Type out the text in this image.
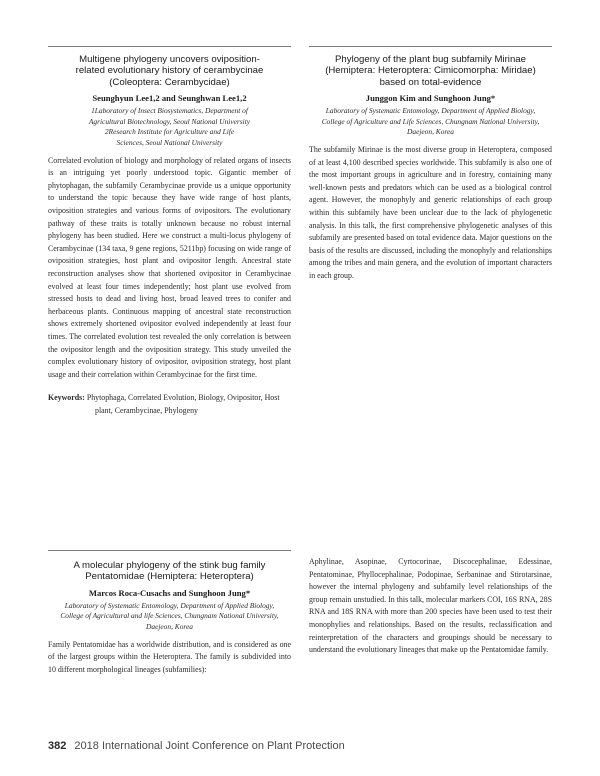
Multigene phylogeny uncovers oviposition-related evolutionary history of cerambycinae (Coleoptera: Cerambycidae)
Seunghyun Lee1,2 and Seunghwan Lee1,2
1Laboratory of Insect Biosystematics, Department of Agricultural Biotechnology, Seoul National University
2Research Institute for Agriculture and Life Sciences, Seoul National University
Correlated evolution of biology and morphology of related organs of insects is an intriguing yet poorly understood topic. Gigantic member of phytophagan, the subfamily Cerambycinae provide us a unique opportunity to understand the topic because they have wide range of host plants, oviposition strategies and various forms of ovipositors. The evolutionary pathway of these traits is totally unknown because no robust internal phylogeny has been studied. Here we construct a multi-locus phylogeny of Cerambycinae (134 taxa, 9 gene regions, 5211bp) focusing on wide range of oviposition strategies, host plant and ovipositor length. Ancestral state reconstruction analyses show that shortened ovipositor in Cerambycinae evolved at least four times independently; host plant use evolved from stressed hosts to dead and living host, broad leaved trees to conifer and herbaceous plants. Continuous mapping of ancestral state reconstruction shows extremely shortened ovipositor evolved independently at least four times. The correlated evolution test revealed the only correlation is between the ovipositor length and the oviposition strategy. This study unveiled the complex evolutionary history of ovipositor, oviposition strategy, host plant usage and their correlation within Cerambycinae for the first time.
Keywords: Phytophaga, Correlated Evolution, Biology, Ovipositor, Host plant, Cerambycinae, Phylogeny
Phylogeny of the plant bug subfamily Mirinae (Hemiptera: Heteroptera: Cimicomorpha: Miridae) based on total-evidence
Junggon Kim and Sunghoon Jung*
Laboratory of Systematic Entomology, Department of Applied Biology, College of Agriculture and Life Sciences, Chungnam National University, Daejeon, Korea
The subfamily Mirinae is the most diverse group in Heteroptera, composed of at least 4,100 described species worldwide. This subfamily is also one of the most important groups in agriculture and in forestry, containing many well-known pests and predators which can be used as a biological control agent. However, the monophyly and generic relationships of each group within this subfamily have been unclear due to the lack of phylogenetic analysis. In this talk, the first comprehensive phylogenetic analyses of this subfamily are presented based on total evidence data. Major questions on the basis of the results are discussed, including the monophyly and relationships among the tribes and main genera, and the evolution of important characters in each group.
A molecular phylogeny of the stink bug family Pentatomidae (Hemiptera: Heteroptera)
Marcos Roca-Cusachs and Sunghoon Jung*
Laboratory of Systematic Entomology, Department of Applied Biology, College of Agricultural and life Sciences, Chungnam National University, Daejeon, Korea
Family Pentatomidae has a worldwide distribution, and is considered as one of the largest groups within the Heteroptera. The family is subdivided into 10 different morphological lineages (subfamilies):
Aphylinae, Asopinae, Cyrtocorinae, Discocephalinae, Edessinae, Pentatominae, Phyllocephalinae, Podopinae, Serbaninae and Stirotarsinae, however the internal phylogeny and subfamily level relationships of the group remain unstudied. In this talk, molecular markers COI, 16S RNA, 28S RNA and 18S RNA with more than 200 species have been used to test their monophylies and relationships. Based on the results, reclassification and reinterpretation of the characters and groupings should be necessary to understand the evolutionary lineages that make up the Pentatomidae family.
382 2018 International Joint Conference on Plant Protection
